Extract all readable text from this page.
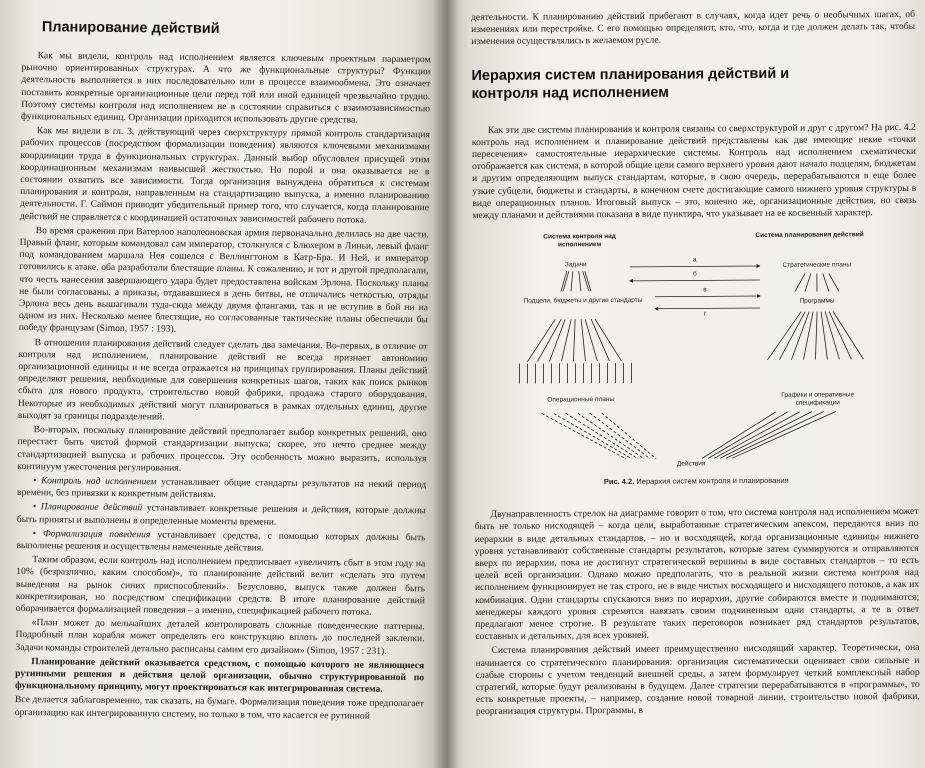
Планирование действий

Как мы видели, контроль над исполнением является ключевым проектным параметром рыночно ориентированных структурах. А что же функциональные структуры? Функции деятельность выполняется в них последовательно или в процессе взаимообмена. Это означает поставить конкретные организационные цели перед той или иной единицей чрезвычайно трудно. Поэтому системы контроля над исполнением не в состоянии справиться с взаимозависимостью функциональных единиц. Организации приходится использовать другие средства.

Как мы видели в гл. 3, действующий через сверхструктуру прямой контроль стандартизация рабочих процессов (посредством формализации поведения) являются ключевыми механизмами координации труда в функциональных структурах. Данный выбор обусловлен присущей этим координационным механизмам наивысшей жесткостью. Но порой и она оказывается не в состоянии охватить все зависимости. Тогда организация вынуждена обратиться к системам планирования и контроля, направленным на стандартизацию выпуска, а именно планированию деятельности. Г. Саймон приводит убедительный пример того, что случается, когда планирование действий не справляется с координацией остаточных зависимостей рабочего потока.

Во время сражения при Ватерлоо наполеоновская армия первоначально делилась на две части. Правый фланг, которым командовал сам император, столкнулся с Блюхером в Линьи, левый фланг под командованием маршала Нея сошелся с Веллингтоном в Катр-Бра. И Ней, и император готовились к атаке, оба разработали блестящие планы. К сожалению, и тот и другой предполагали, что честь нанесения завершающего удара будет предоставлена войскам Эрлона. Поскольку планы не были согласованы, а приказы, отдававшиеся в день битвы, не отличались четкостью, отряды Эрлона весь день вышагивали туда-сюда между двумя флангами, так и не вступив в бой ни на одном из них. Несколько менее блестящие, но согласованные тактические планы обеспечили бы победу французам (Simon, 1957 : 193).

В отношении планирования действий следует сделать два замечания. Во-первых, в отличие от контроля над исполнением, планирование действий не всегда признает автономию организационной единицы и не всегда отражается на принципах группирования. Планы действий определяют решения, необходимые для совершения конкретных шагов, таких как поиск рынков сбыта для нового продукта, строительство новой фабрики, продажа старого оборудования. Некоторые из необходимых действий могут планироваться в рамках отдельных единиц, другие выходят за границы подразделений.

Во-вторых, поскольку планирование действий предполагает выбор конкретных решений, оно перестает быть чистой формой стандартизации выпуска; скорее, это нечто среднее между стандартизацией выпуска и рабочих процессов. Эту особенность можно выразить, используя континуум ужесточения регулирования.

• Контроль над исполнением устанавливает общие стандарты результатов на некий период времени, без привязки к конкретным действиям.
• Планирование действий устанавливает конкретные решения и действия, которые должны быть приняты и выполнены в определенные моменты времени.
• Формализация поведения устанавливает средства, с помощью которых должны быть выполнены решения и осуществлены намеченные действия.

Таким образом, если контроль над исполнением предписывает «увеличить сбыт в этом году на 10% (безразлично, каким способом)», то планирование действий велит «сделать это путем выведения на рынок синих приспособлений». Безусловно, выпуск также должен быть конкретизирован, но посредством спецификации средств. В итоге планирование действий оборачивается формализацией поведения – а именно, спецификацией рабочего потока.

«План может до мельчайших деталей контролировать сложные поведенческие паттерны. Подробный план корабля может определять его конструкцию вплоть до последней заклепки. Задачи команды строителей детально расписаны самим его дизайном» (Simon, 1957 : 231).

Планирование действий оказывается средством, с помощью которого не являющиеся рутинными решения и действия целой организации, обычно структурированной по функциональному принципу, могут проектироваться как интегрированная система.

Все делается заблаговременно, так сказать, на бумаге. Формализация поведения тоже предполагает организацию как интегрированную систему, но только в том, что касается ее рутинной

деятельности. К планированию действий прибегают в случаях, когда идет речь о необычных шагах, об изменениях или перестройке. С его помощью определяют, кто, что, когда и где должен делать так, чтобы изменения осуществлялись в желаемом русле.

Иерархия систем планирования действий и контроля над исполнением

Как эти две системы планирования и контроля связаны со сверхструктурой и друг с другом? На рис. 4.2 контроль над исполнением и планирование действий представлены как две имеющие некие «точки пересечения» самостоятельные иерархические системы. Контроль над исполнением схематически отображается как система, в которой общие цели самого верхнего уровня дают начало подцелям, бюджетам и другим определяющим выпуск стандартам, которые, в свою очередь, перерабатываются в еще более узкие субцели, бюджеты и стандарты, в конечном счете достигающие самого нижнего уровня структуры в виде операционных планов. Итоговый выпуск – это, конечно же, организационные действия, но связь между планами и действиями показана в виде пунктира, что указывает на ее косвенный характер.

Система контроля над исполнением
Система планирования действий
Задачи	Стратегические планы
а
б
в
г
Подцели, бюджеты и другие стандарты	Программы
Операционные планы
Графики и оперативные спецификации
Действия
Рис. 4.2. Иерархия систем контроля и планирования

Двунаправленность стрелок на диаграмме говорит о том, что система контроля над исполнением может быть не только нисходящей – когда цели, выработанные стратегическим апексом, передаются вниз по иерархии в виде детальных стандартов, – но и восходящей, когда организационные единицы нижнего уровня устанавливают собственные стандарты результатов, которые затем суммируются и отправляются вверх по иерархии, пока не достигнут стратегической вершины в виде составных стандартов – то есть целей всей организации. Однако можно предполагать, что в реальной жизни система контроля над исполнением функционирует не так строго, не в виде чистых восходящего и нисходящего потоков, а как их комбинация. Одни стандарты спускаются вниз по иерархии, другие собираются вместе и поднимаются; менеджеры каждого уровня стремятся навязать своим подчиненным одни стандарты, а те в ответ предлагают менее строгие. В результате таких переговоров возникает ряд стандартов результатов, составных и детальных, для всех уровней.

Система планирования действий имеет преимущественно нисходящий характер. Теоретически, она начинается со стратегического планирования: организация систематически оценивает свои сильные и слабые стороны с учетом тенденций внешней среды, а затем формулирует четкий комплексный набор стратегий, которые будут реализованы в будущем. Далее стратегии перерабатываются в «программы», то есть конкретные проекты, – например, создание новой товарной линии, строительство новой фабрики, реорганизация структуры. Программы, в
